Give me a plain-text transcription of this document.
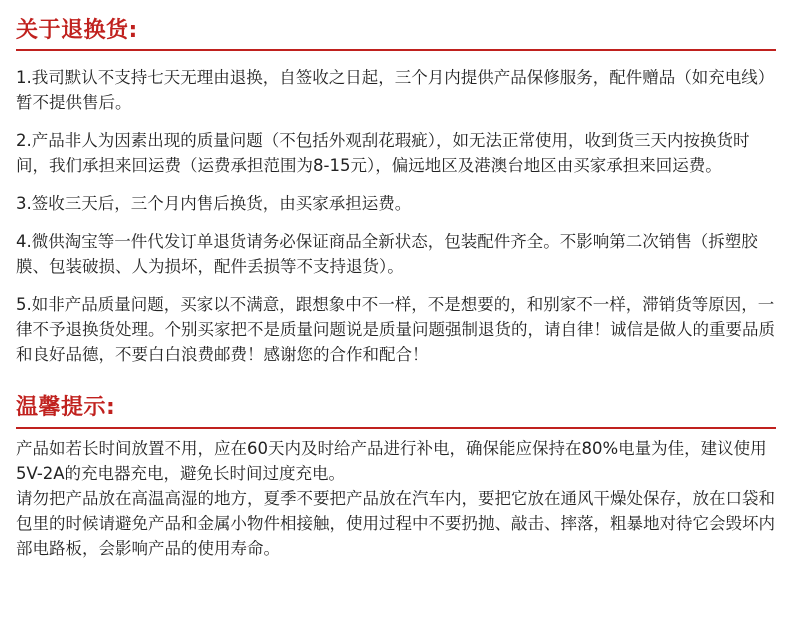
关于退换货:

1.我司默认不支持七天无理由退换，自签收之日起，三个月内提供产品保修服务，配件赠品（如充电线）暂不提供售后。

2.产品非人为因素出现的质量问题（不包括外观刮花瑕疵），如无法正常使用，收到货三天内按换货时间，我们承担来回运费（运费承担范围为8-15元），偏远地区及港澳台地区由买家承担来回运费。

3.签收三天后，三个月内售后换货，由买家承担运费。

4.微供淘宝等一件代发订单退货请务必保证商品全新状态，包装配件齐全。不影响第二次销售（拆塑胶膜、包装破损、人为损坏，配件丢损等不支持退货）。

5.如非产品质量问题，买家以不满意，跟想象中不一样，不是想要的，和别家不一样，滞销货等原因，一律不予退换货处理。个别买家把不是质量问题说是质量问题强制退货的，请自律！诚信是做人的重要品质和良好品德，不要白白浪费邮费！感谢您的合作和配合！

温馨提示:

产品如若长时间放置不用，应在60天内及时给产品进行补电，确保能应保持在80%电量为佳，建议使用5V-2A的充电器充电，避免长时间过度充电。

请勿把产品放在高温高湿的地方，夏季不要把产品放在汽车内，要把它放在通风干燥处保存，放在口袋和包里的时候请避免产品和金属小物件相接触，使用过程中不要扔抛、敲击、摔落，粗暴地对待它会毁坏内部电路板，会影响产品的使用寿命。
